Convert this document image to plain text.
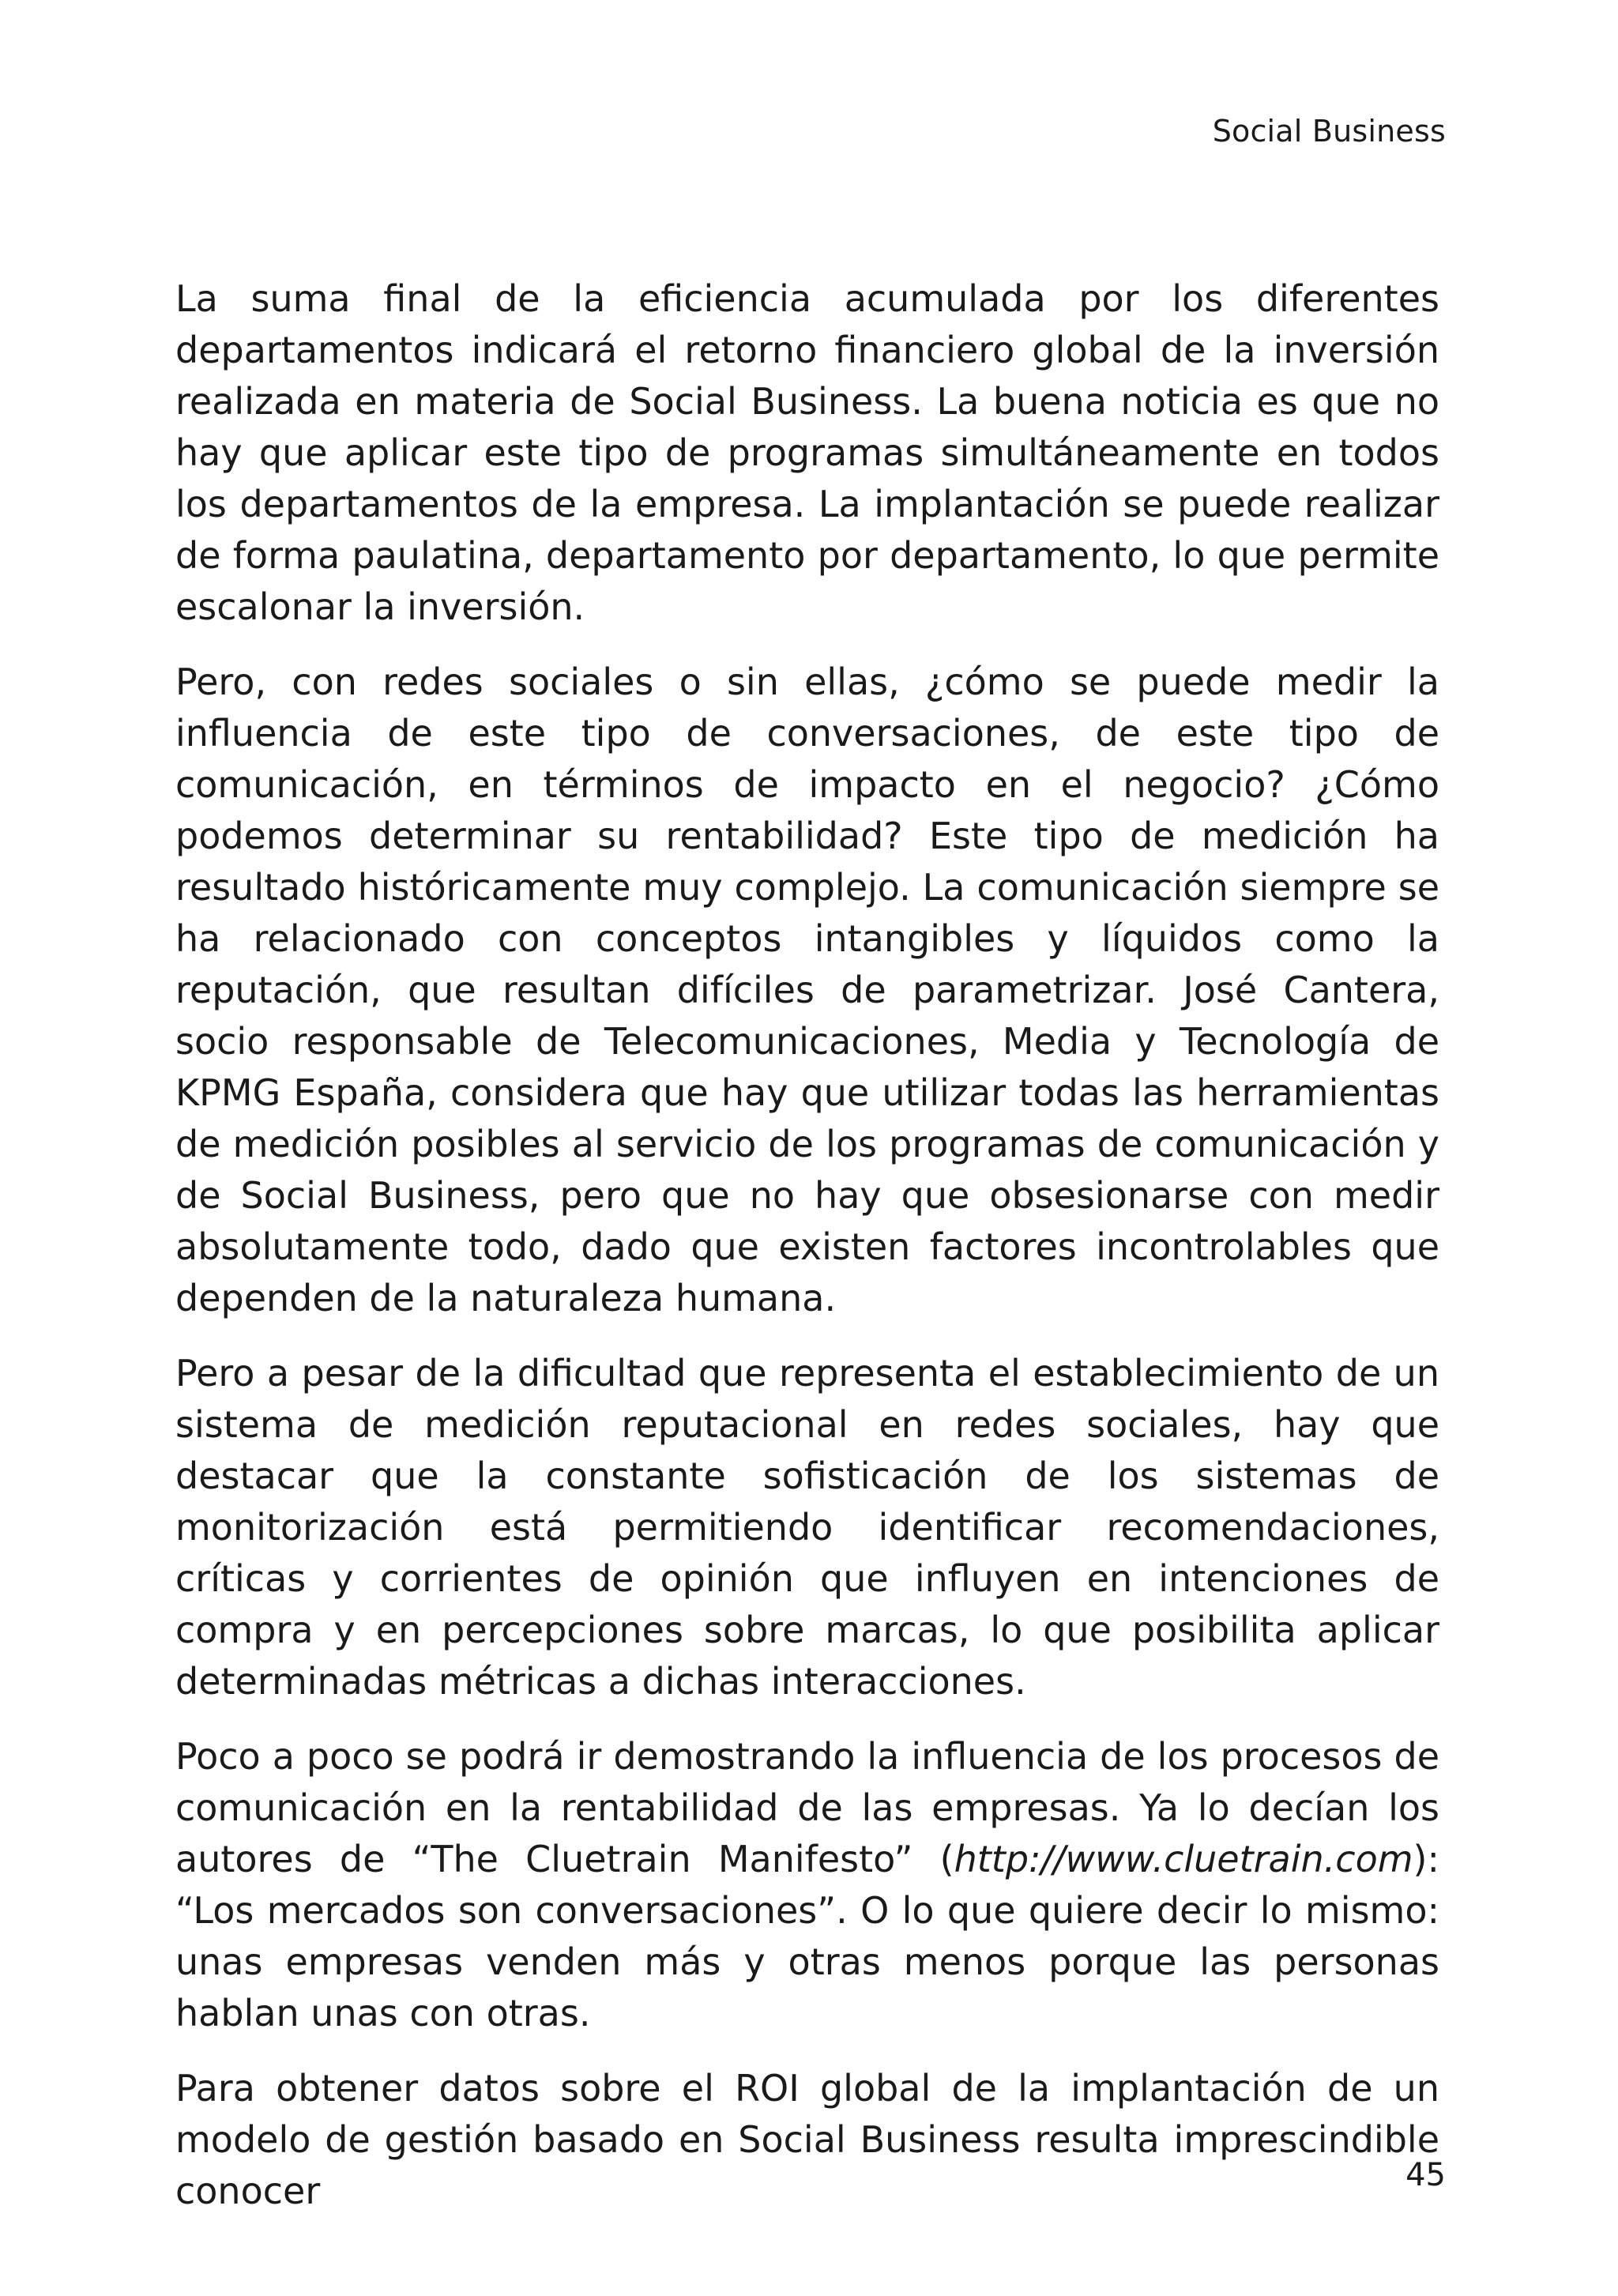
Social Business

La suma final de la eficiencia acumulada por los diferentes departamentos indicará el retorno financiero global de la inversión realizada en materia de Social Business. La buena noticia es que no hay que aplicar este tipo de programas simultáneamente en todos los departamentos de la empresa. La implantación se puede realizar de forma paulatina, departamento por departamento, lo que permite escalonar la inversión.

Pero, con redes sociales o sin ellas, ¿cómo se puede medir la influencia de este tipo de conversaciones, de este tipo de comunicación, en términos de impacto en el negocio? ¿Cómo podemos determinar su rentabilidad? Este tipo de medición ha resultado históricamente muy complejo. La comunicación siempre se ha relacionado con conceptos intangibles y líquidos como la reputación, que resultan difíciles de parametrizar. José Cantera, socio responsable de Telecomunicaciones, Media y Tecnología de KPMG España, considera que hay que utilizar todas las herramientas de medición posibles al servicio de los programas de comunicación y de Social Business, pero que no hay que obsesionarse con medir absolutamente todo, dado que existen factores incontrolables que dependen de la naturaleza humana.

Pero a pesar de la dificultad que representa el establecimiento de un sistema de medición reputacional en redes sociales, hay que destacar que la constante sofisticación de los sistemas de monitorización está permitiendo identificar recomendaciones, críticas y corrientes de opinión que influyen en intenciones de compra y en percepciones sobre marcas, lo que posibilita aplicar determinadas métricas a dichas interacciones.

Poco a poco se podrá ir demostrando la influencia de los procesos de comunicación en la rentabilidad de las empresas. Ya lo decían los autores de “The Cluetrain Manifesto” (http://www.cluetrain.com): “Los mercados son conversaciones”. O lo que quiere decir lo mismo: unas empresas venden más y otras menos porque las personas hablan unas con otras.

Para obtener datos sobre el ROI global de la implantación de un modelo de gestión basado en Social Business resulta imprescindible conocer	45
